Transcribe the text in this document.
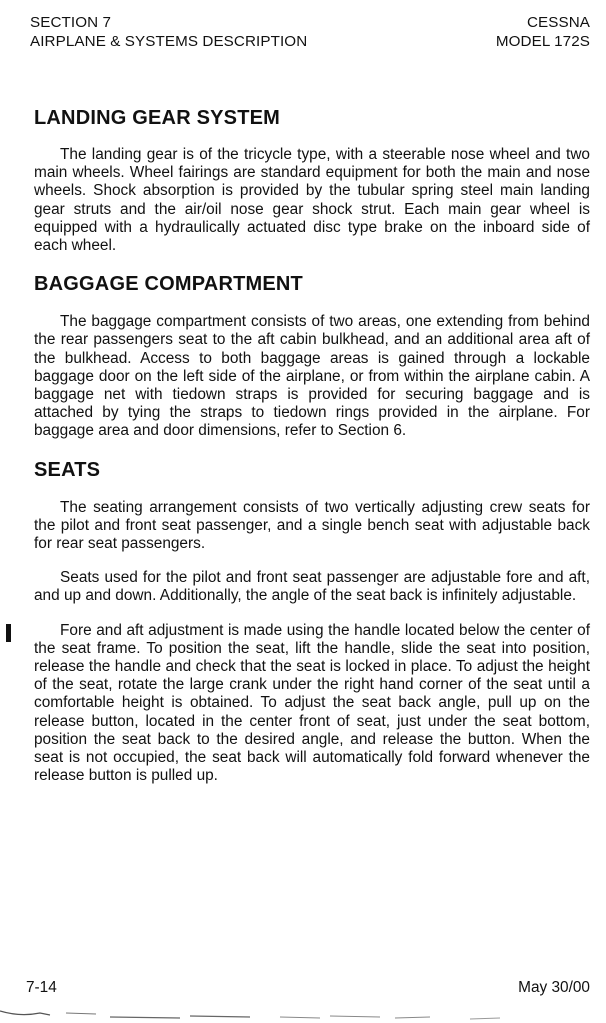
SECTION 7
AIRPLANE & SYSTEMS DESCRIPTION
CESSNA
MODEL 172S
LANDING GEAR SYSTEM

The landing gear is of the tricycle type, with a steerable nose wheel and two main wheels. Wheel fairings are standard equipment for both the main and nose wheels. Shock absorption is provided by the tubular spring steel main landing gear struts and the air/oil nose gear shock strut. Each main gear wheel is equipped with a hydraulically actuated disc type brake on the inboard side of each wheel.

BAGGAGE COMPARTMENT

The baggage compartment consists of two areas, one extending from behind the rear passengers seat to the aft cabin bulkhead, and an additional area aft of the bulkhead. Access to both baggage areas is gained through a lockable baggage door on the left side of the airplane, or from within the airplane cabin. A baggage net with tiedown straps is provided for securing baggage and is attached by tying the straps to tiedown rings provided in the airplane. For baggage area and door dimensions, refer to Section 6.

SEATS

The seating arrangement consists of two vertically adjusting crew seats for the pilot and front seat passenger, and a single bench seat with adjustable back for rear seat passengers.

Seats used for the pilot and front seat passenger are adjustable fore and aft, and up and down. Additionally, the angle of the seat back is infinitely adjustable.

Fore and aft adjustment is made using the handle located below the center of the seat frame. To position the seat, lift the handle, slide the seat into position, release the handle and check that the seat is locked in place. To adjust the height of the seat, rotate the large crank under the right hand corner of the seat until a comfortable height is obtained. To adjust the seat back angle, pull up on the release button, located in the center front of seat, just under the seat bottom, position the seat back to the desired angle, and release the button. When the seat is not occupied, the seat back will automatically fold forward whenever the release button is pulled up.

7-14	May 30/00
